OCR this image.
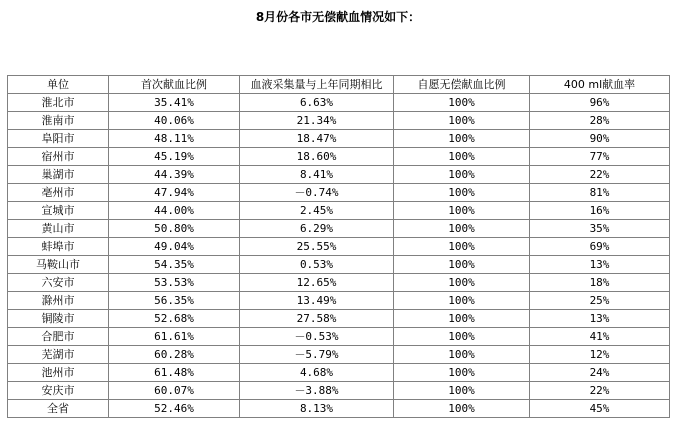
8月份各市无偿献血情况如下：
单位	首次献血比例	血液采集量与上年同期相比	自愿无偿献血比例	400 ml献血率
淮北市	35.41%	6.63%	100%	96%
淮南市	40.06%	21.34%	100%	28%
阜阳市	48.11%	18.47%	100%	90%
宿州市	45.19%	18.60%	100%	77%
巢湖市	44.39%	8.41%	100%	22%
亳州市	47.94%	－0.74%	100%	81%
宣城市	44.00%	2.45%	100%	16%
黄山市	50.80%	6.29%	100%	35%
蚌埠市	49.04%	25.55%	100%	69%
马鞍山市	54.35%	0.53%	100%	13%
六安市	53.53%	12.65%	100%	18%
滁州市	56.35%	13.49%	100%	25%
铜陵市	52.68%	27.58%	100%	13%
合肥市	61.61%	－0.53%	100%	41%
芜湖市	60.28%	－5.79%	100%	12%
池州市	61.48%	4.68%	100%	24%
安庆市	60.07%	－3.88%	100%	22%
全省	52.46%	8.13%	100%	45%
